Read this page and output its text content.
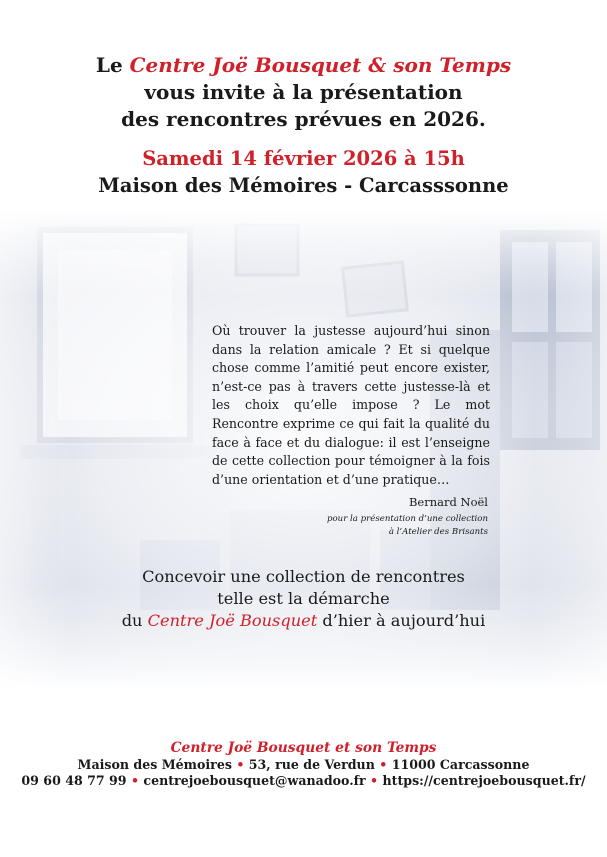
Le Centre Joë Bousquet & son Temps
vous invite à la présentation
des rencontres prévues en 2026.
Samedi 14 février 2026 à 15h
Maison des Mémoires - Carcasssonne
Où trouver la justesse aujourd’hui sinon dans la relation amicale ? Et si quelque chose comme l’amitié peut encore exister, n’est-ce pas à travers cette justesse-là et les choix qu’elle impose ? Le mot Rencontre exprime ce qui fait la qualité du face à face et du dialogue: il est l’enseigne de cette collection pour témoigner à la fois d’une orientation et d’une pratique…
Bernard Noël
pour la présentation d’une collection
à l’Atelier des Brisants
Concevoir une collection de rencontres
telle est la démarche
du Centre Joë Bousquet d’hier à aujourd’hui
Centre Joë Bousquet et son Temps
Maison des Mémoires • 53, rue de Verdun • 11000 Carcassonne
09 60 48 77 99 • centrejoebousquet@wanadoo.fr • https://centrejoebousquet.fr/
